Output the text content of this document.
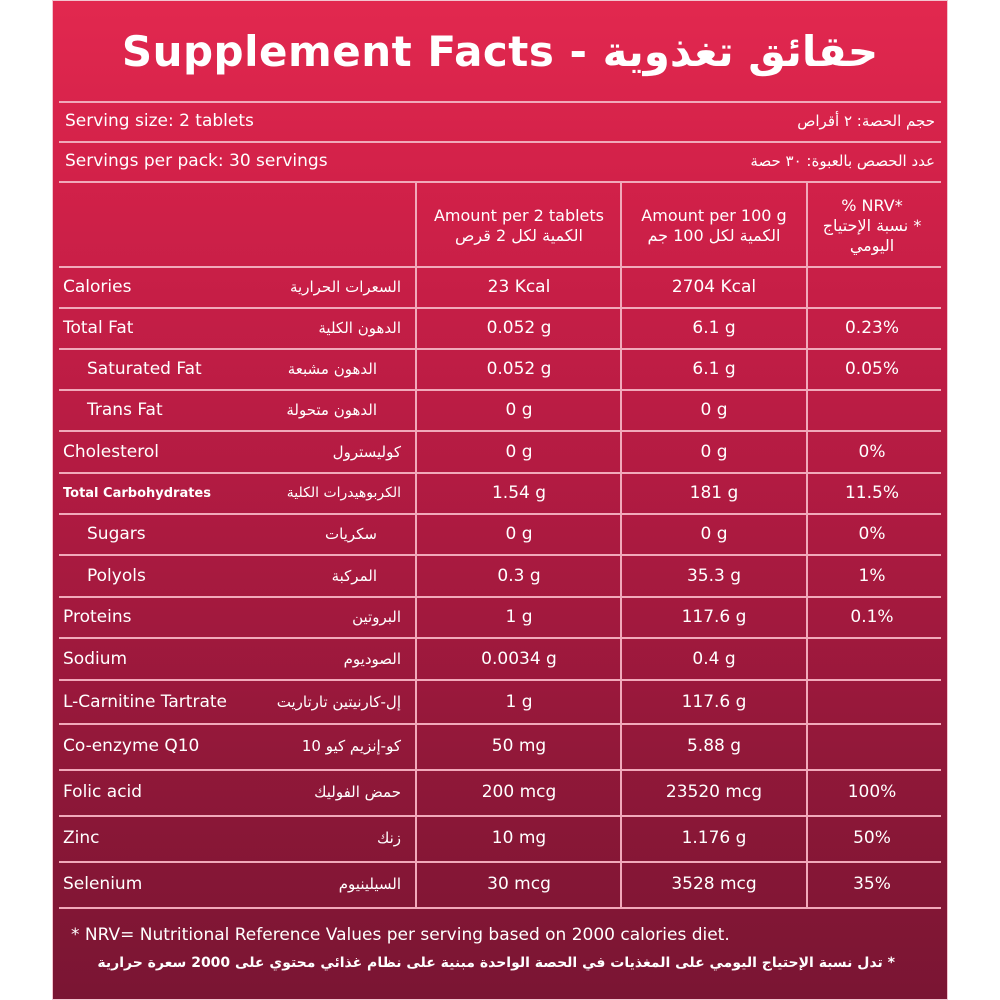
Supplement Facts - حقائق تغذوية
Serving size: 2 tablets	حجم الحصة: ٢ أقراص
Servings per pack: 30 servings	عدد الحصص بالعبوة: ٣٠ حصة
Amount per 2 tablets
الكمية لكل 2 قرص
Amount per 100 g
الكمية لكل 100 جم
% NRV*
* نسبة الإحتياج
اليومي
Calories	السعرات الحرارية	23 Kcal	2704 Kcal
Total Fat	الدهون الكلية	0.052 g	6.1 g	0.23%
Saturated Fat	الدهون مشبعة	0.052 g	6.1 g	0.05%
Trans Fat	الدهون متحولة	0 g	0 g
Cholesterol	كوليسترول	0 g	0 g	0%
Total Carbohydrates	الكربوهيدرات الكلية	1.54 g	181 g	11.5%
Sugars	سكريات	0 g	0 g	0%
Polyols	المركبة	0.3 g	35.3 g	1%
Proteins	البروتين	1 g	117.6 g	0.1%
Sodium	الصوديوم	0.0034 g	0.4 g
L-Carnitine Tartrate	إل-كارنيتين تارتاريت	1 g	117.6 g
Co-enzyme Q10	كو-إنزيم كيو 10	50 mg	5.88 g
Folic acid	حمض الفوليك	200 mcg	23520 mcg	100%
Zinc	زنك	10 mg	1.176 g	50%
Selenium	السيلينيوم	30 mcg	3528 mcg	35%
* NRV= Nutritional Reference Values per serving based on 2000 calories diet.
* تدل نسبة الإحتياج اليومي على المغذيات في الحصة الواحدة مبنية على نظام غذائي محتوي على 2000 سعرة حرارية
